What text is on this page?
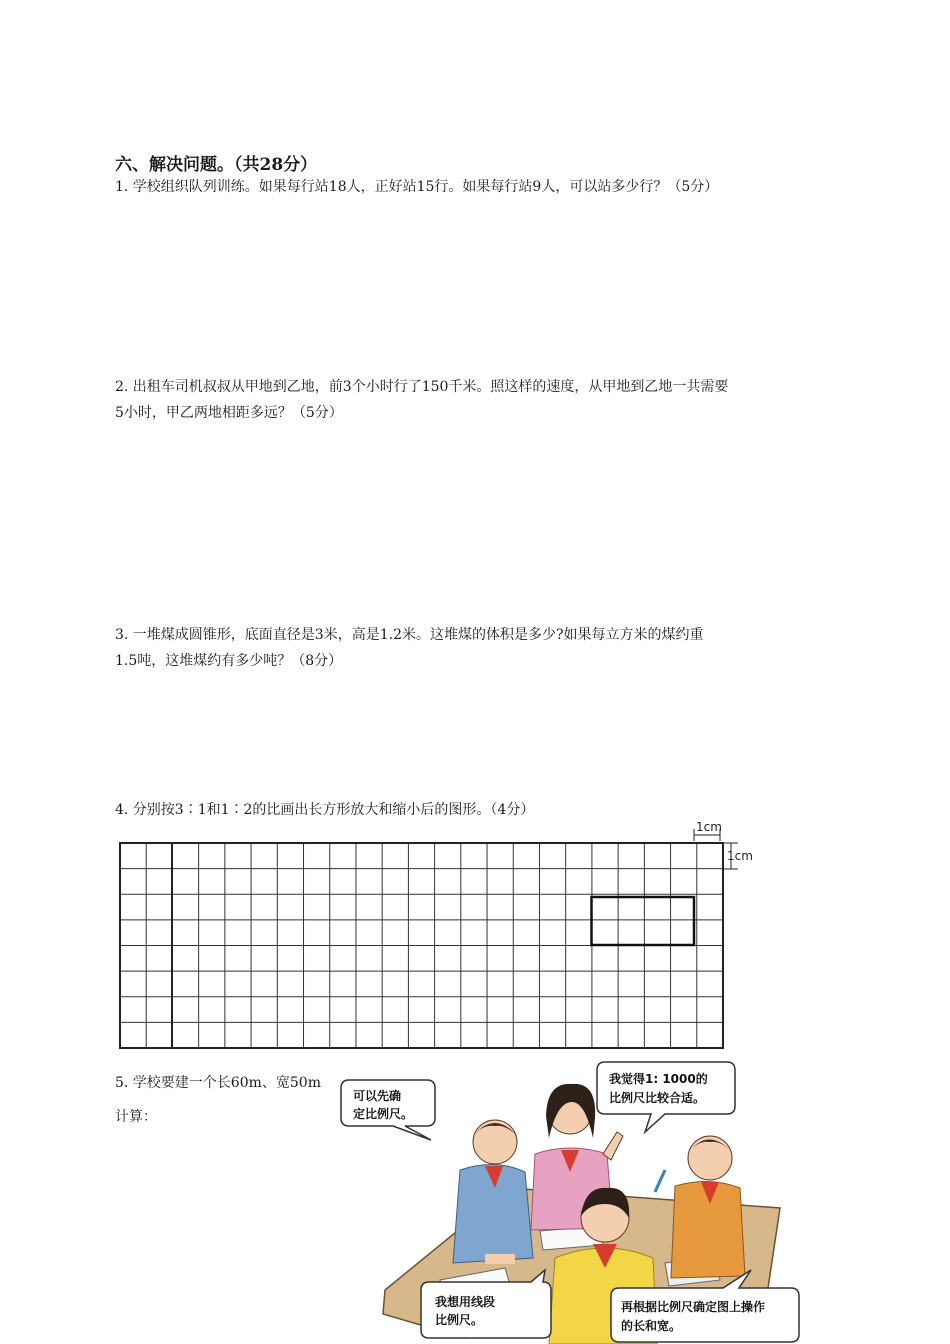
六、解决问题。（共28分）
1. 学校组织队列训练。如果每行站18人，正好站15行。如果每行站9人，可以站多少行？（5分）
2. 出租车司机叔叔从甲地到乙地，前3个小时行了150千米。照这样的速度，从甲地到乙地一共需要
5小时，甲乙两地相距多远？（5分）
3. 一堆煤成圆锥形，底面直径是3米，高是1.2米。这堆煤的体积是多少?如果每立方米的煤约重
1.5吨，这堆煤约有多少吨？（8分）
4. 分别按3∶1和1∶2的比画出长方形放大和缩小后的图形。（4分）
1cm
1cm
5. 学校要建一个长60m、宽50m
计算：
可以先确
定比例尺。
我觉得1: 1000的
比例尺比较合适。
我想用线段
比例尺。
再根据比例尺确定图上操作
的长和宽。
